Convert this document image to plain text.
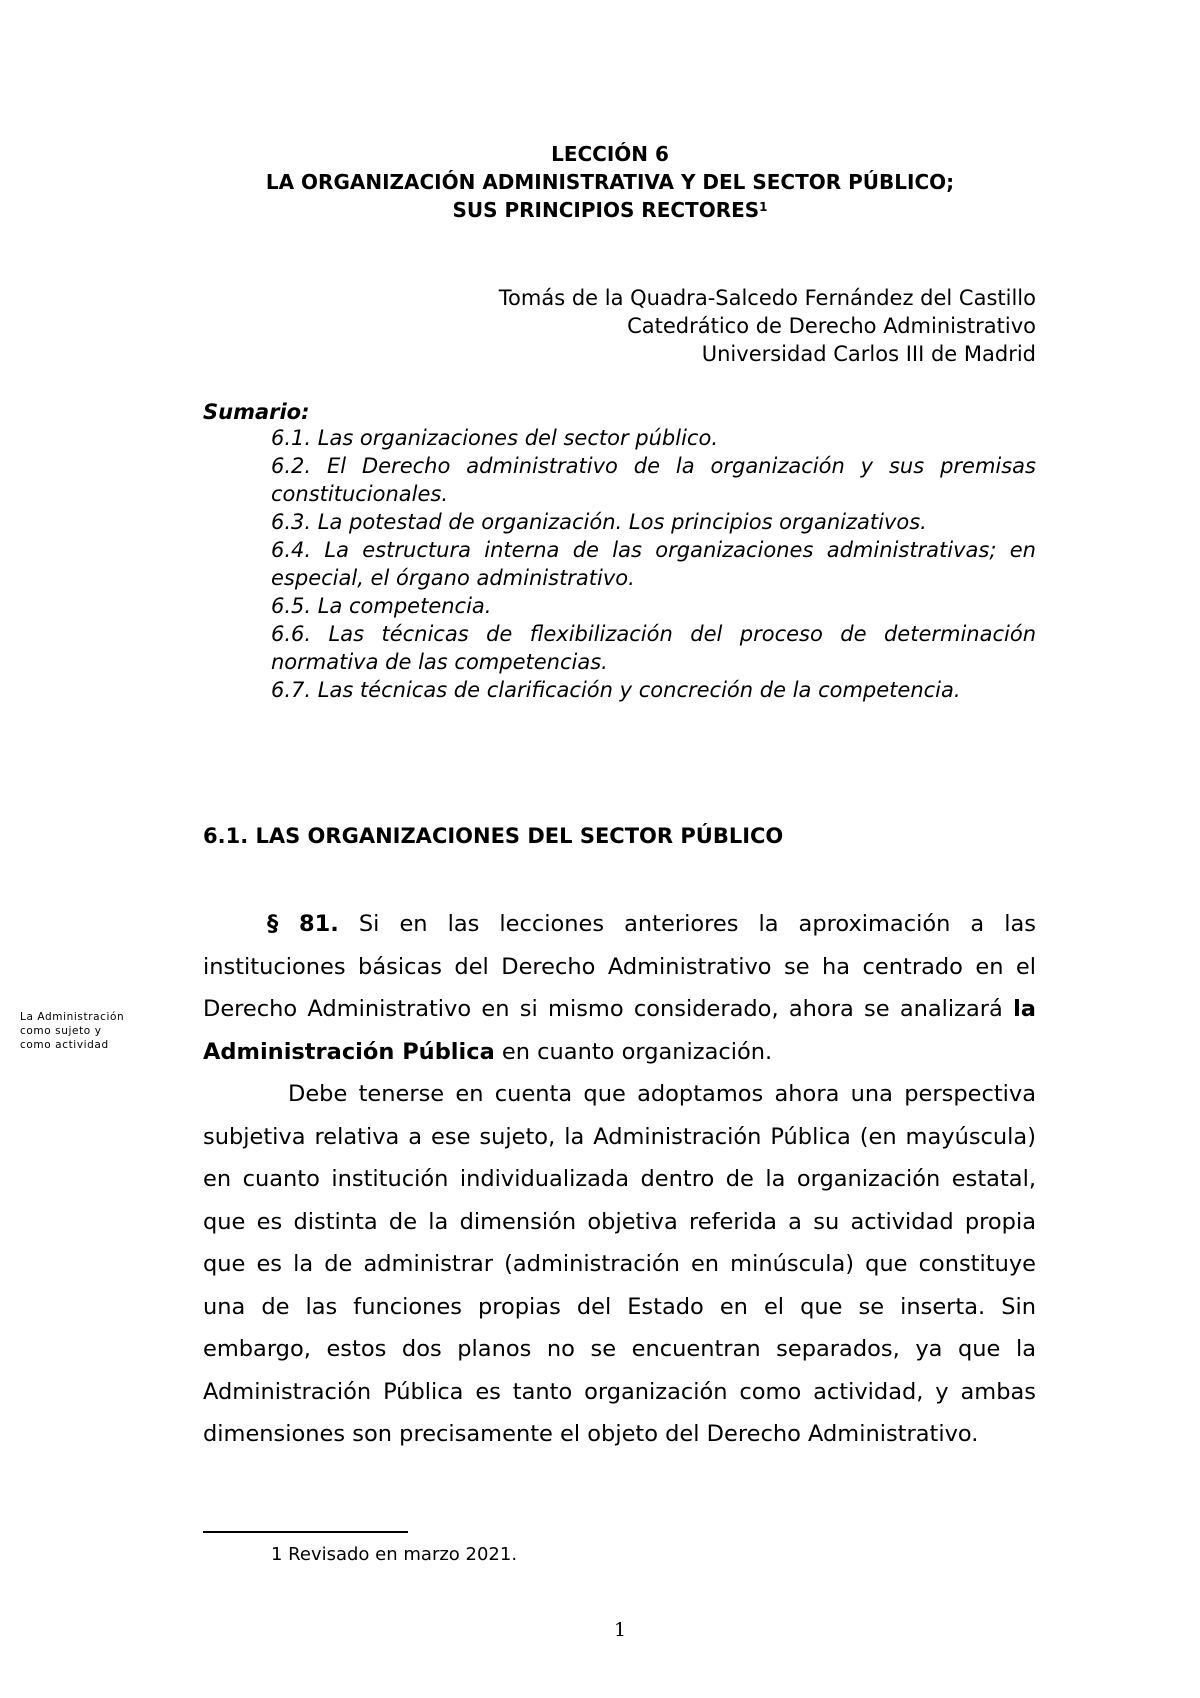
LECCIÓN 6
LA ORGANIZACIÓN ADMINISTRATIVA Y DEL SECTOR PÚBLICO;
SUS PRINCIPIOS RECTORES$^1$
Tomás de la Quadra-Salcedo Fernández del Castillo
Catedrático de Derecho Administrativo
Universidad Carlos III de Madrid
Sumario:

6.1. Las organizaciones del sector público.

6.2. El Derecho administrativo de la organización y sus premisas constitucionales.

6.3. La potestad de organización. Los principios organizativos.

6.4. La estructura interna de las organizaciones administrativas; en especial, el órgano administrativo.

6.5. La competencia.

6.6. Las técnicas de flexibilización del proceso de determinación normativa de las competencias.

6.7. Las técnicas de clarificación y concreción de la competencia.

6.1. LAS ORGANIZACIONES DEL SECTOR PÚBLICO
La Administración
como sujeto y
como actividad

§ 81. Si en las lecciones anteriores la aproximación a las instituciones básicas del Derecho Administrativo se ha centrado en el Derecho Administrativo en si mismo considerado, ahora se analizará la Administración Pública en cuanto organización.

Debe tenerse en cuenta que adoptamos ahora una perspectiva subjetiva relativa a ese sujeto, la Administración Pública (en mayúscula) en cuanto institución individualizada dentro de la organización estatal, que es distinta de la dimensión objetiva referida a su actividad propia que es la de administrar (administración en minúscula) que constituye una de las funciones propias del Estado en el que se inserta. Sin embargo, estos dos planos no se encuentran separados, ya que la Administración Pública es tanto organización como actividad, y ambas dimensiones son precisamente el objeto del Derecho Administrativo.

1 Revisado en marzo 2021.
1
